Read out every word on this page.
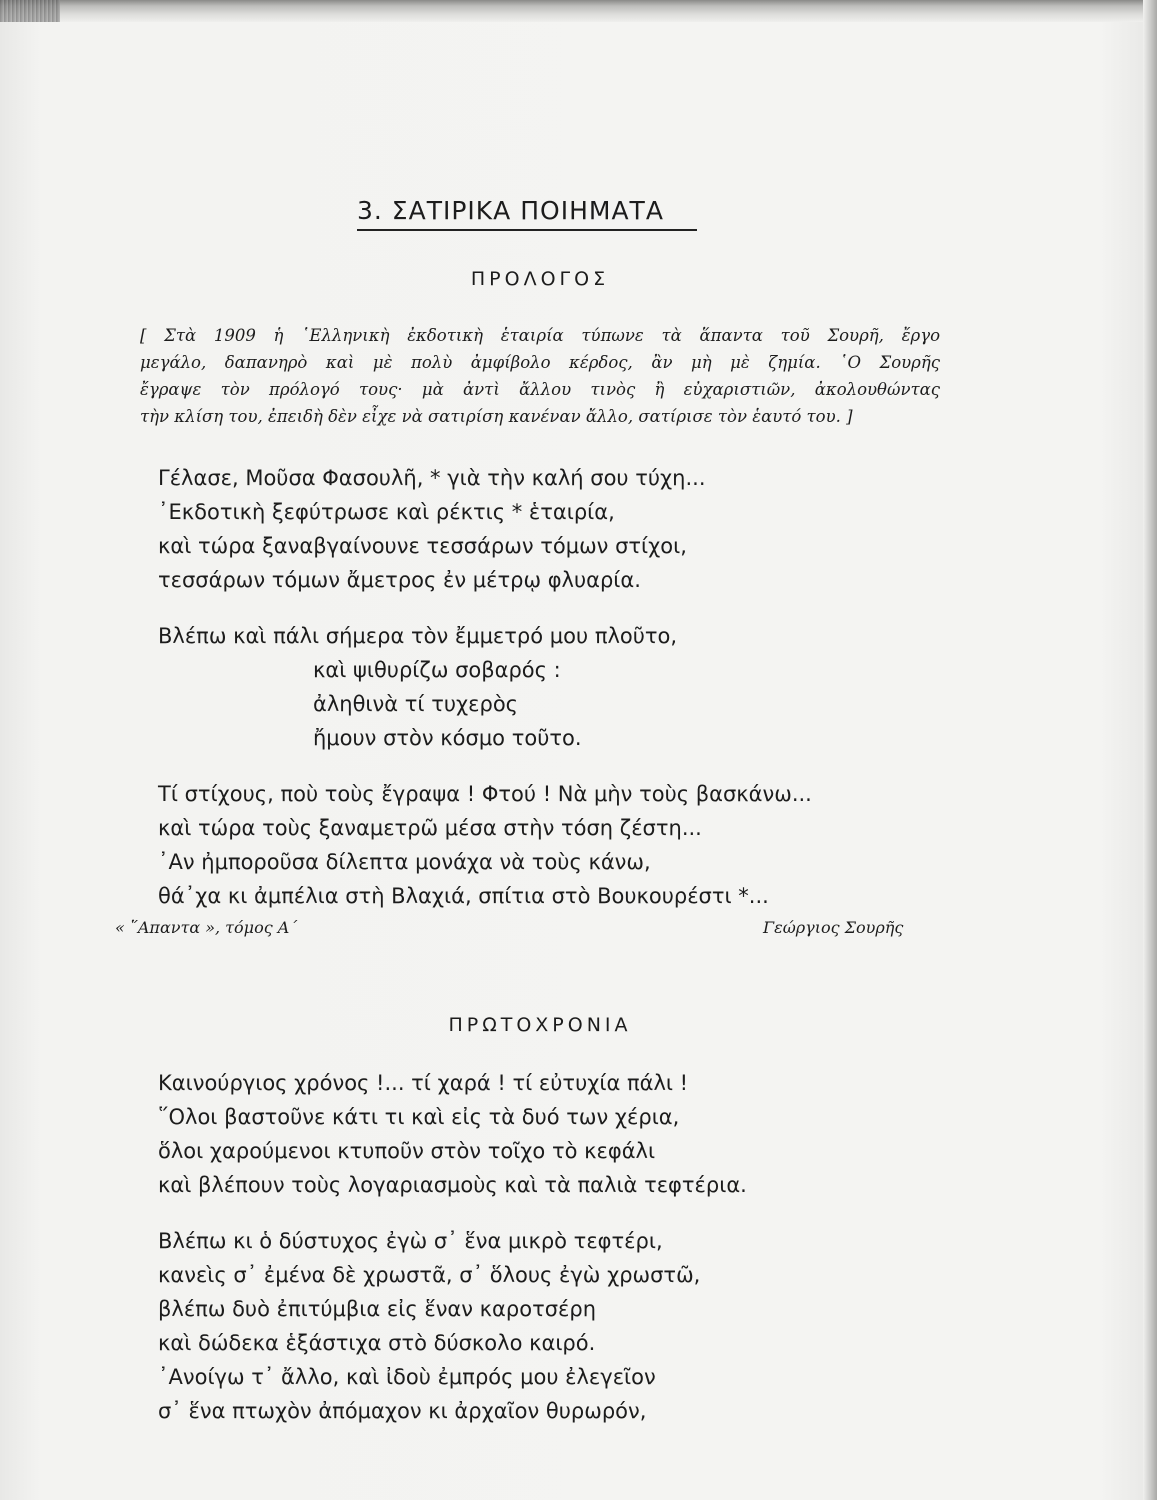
3. ΣΑΤΙΡΙΚΑ ΠΟΙΗΜΑΤΑ
ΠΡΟΛΟΓΟΣ
[ Στὰ 1909 ἡ ῾Ελληνικὴ ἐκδοτικὴ ἑταιρία τύπωνε τὰ ἅπαντα τοῦ Σουρῆ, ἔργο
μεγάλο, δαπανηρὸ καὶ μὲ πολὺ ἀμφίβολο κέρδος, ἂν μὴ μὲ ζημία. ῾Ο Σουρῆς
ἔγραψε τὸν πρόλογό τους· μὰ ἀντὶ ἄλλου τινὸς ἢ εὐχαριστιῶν, ἀκολουθώντας
τὴν κλίση του, ἐπειδὴ δὲν εἶχε νὰ σατιρίση κανέναν ἄλλο, σατίρισε τὸν ἑαυτό του. ]
Γέλασε, Μοῦσα Φασουλῆ, * γιὰ τὴν καλή σου τύχη...
᾽Εκδοτικὴ ξεφύτρωσε καὶ ρέκτις * ἑταιρία,
καὶ τώρα ξαναβγαίνουνε τεσσάρων τόμων στίχοι,
τεσσάρων τόμων ἄμετρος ἐν μέτρῳ φλυαρία.
Βλέπω καὶ πάλι σήμερα τὸν ἔμμετρό μου πλοῦτο,
καὶ ψιθυρίζω σοβαρός :
ἀληθινὰ τί τυχερὸς
ἤμουν στὸν κόσμο τοῦτο.
Τί στίχους, ποὺ τοὺς ἔγραψα ! Φτού ! Νὰ μὴν τοὺς βασκάνω...
καὶ τώρα τοὺς ξαναμετρῶ μέσα στὴν τόση ζέστη...
᾽Αν ἠμποροῦσα δίλεπτα μονάχα νὰ τοὺς κάνω,
θά᾽χα κι ἀμπέλια στὴ Βλαχιά, σπίτια στὸ Βουκουρέστι *...
« ῞Απαντα », τόμος Α΄	Γεώργιος Σουρῆς
ΠΡΩΤΟΧΡΟΝΙΑ
Καινούργιος χρόνος !... τί χαρά ! τί εὐτυχία πάλι !
῞Ολοι βαστοῦνε κάτι τι καὶ εἰς τὰ δυό των χέρια,
ὅλοι χαρούμενοι κτυποῦν στὸν τοῖχο τὸ κεφάλι
καὶ βλέπουν τοὺς λογαριασμοὺς καὶ τὰ παλιὰ τεφτέρια.
Βλέπω κι ὁ δύστυχος ἐγὼ σ᾽ ἕνα μικρὸ τεφτέρι,
κανεὶς σ᾽ ἐμένα δὲ χρωστᾶ, σ᾽ ὅλους ἐγὼ χρωστῶ,
βλέπω δυὸ ἐπιτύμβια εἰς ἕναν καροτσέρη
καὶ δώδεκα ἑξάστιχα στὸ δύσκολο καιρό.
᾽Ανοίγω τ᾽ ἄλλο, καὶ ἰδοὺ ἐμπρός μου ἐλεγεῖον
σ᾽ ἕνα πτωχὸν ἀπόμαχον κι ἀρχαῖον θυρωρόν,
